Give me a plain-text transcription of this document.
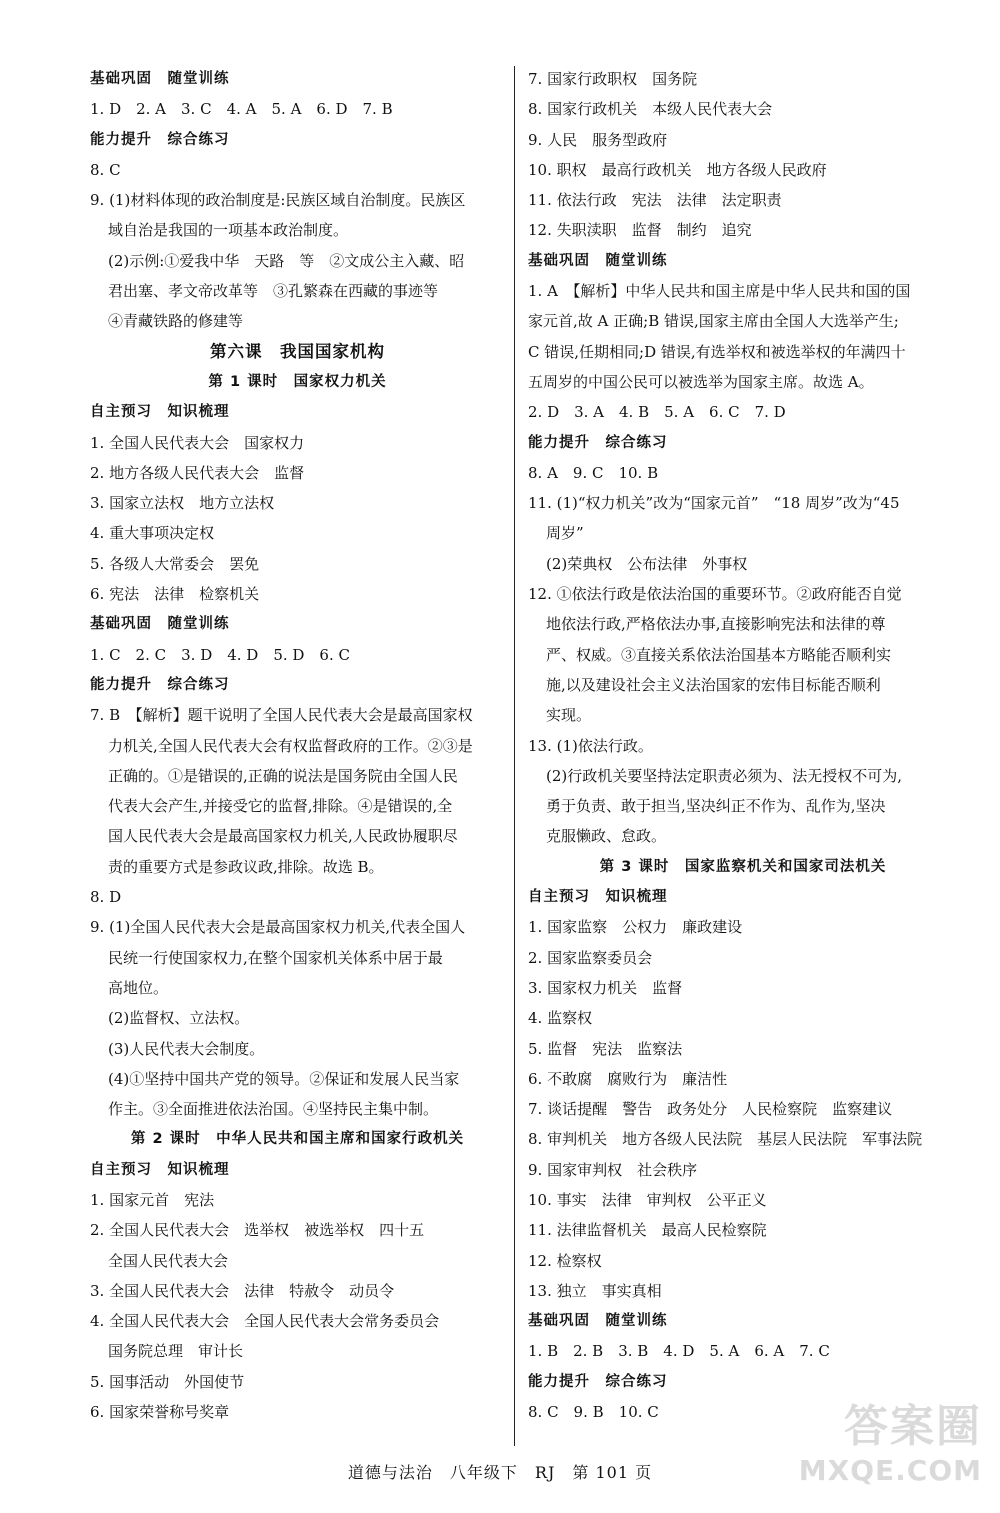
基础巩固　随堂训练
1. D　2. A　3. C　4. A　5. A　6. D　7. B
能力提升　综合练习
8. C
9. (1)材料体现的政治制度是:民族区域自治制度。民族区
域自治是我国的一项基本政治制度。
(2)示例:①爱我中华　天路　等　②文成公主入藏、昭
君出塞、孝文帝改革等　③孔繁森在西藏的事迹等
④青藏铁路的修建等
第六课　我国国家机构
第 1 课时　国家权力机关
自主预习　知识梳理
1. 全国人民代表大会　国家权力
2. 地方各级人民代表大会　监督
3. 国家立法权　地方立法权
4. 重大事项决定权
5. 各级人大常委会　罢免
6. 宪法　法律　检察机关
基础巩固　随堂训练
1. C　2. C　3. D　4. D　5. D　6. C
能力提升　综合练习
7. B　【解析】题干说明了全国人民代表大会是最高国家权
力机关,全国人民代表大会有权监督政府的工作。②③是
正确的。①是错误的,正确的说法是国务院由全国人民
代表大会产生,并接受它的监督,排除。④是错误的,全
国人民代表大会是最高国家权力机关,人民政协履职尽
责的重要方式是参政议政,排除。故选 B。
8. D
9. (1)全国人民代表大会是最高国家权力机关,代表全国人
民统一行使国家权力,在整个国家机关体系中居于最
高地位。
(2)监督权、立法权。
(3)人民代表大会制度。
(4)①坚持中国共产党的领导。②保证和发展人民当家
作主。③全面推进依法治国。④坚持民主集中制。
第 2 课时　中华人民共和国主席和国家行政机关
自主预习　知识梳理
1. 国家元首　宪法
2. 全国人民代表大会　选举权　被选举权　四十五
全国人民代表大会
3. 全国人民代表大会　法律　特赦令　动员令
4. 全国人民代表大会　全国人民代表大会常务委员会
国务院总理　审计长
5. 国事活动　外国使节
6. 国家荣誉称号奖章
7. 国家行政职权　国务院
8. 国家行政机关　本级人民代表大会
9. 人民　服务型政府
10. 职权　最高行政机关　地方各级人民政府
11. 依法行政　宪法　法律　法定职责
12. 失职渎职　监督　制约　追究
基础巩固　随堂训练
1. A　【解析】中华人民共和国主席是中华人民共和国的国
家元首,故 A 正确;B 错误,国家主席由全国人大选举产生;
C 错误,任期相同;D 错误,有选举权和被选举权的年满四十
五周岁的中国公民可以被选举为国家主席。故选 A。
2. D　3. A　4. B　5. A　6. C　7. D
能力提升　综合练习
8. A　9. C　10. B
11. (1)“权力机关”改为“国家元首”　“18 周岁”改为“45
周岁”
(2)荣典权　公布法律　外事权
12. ①依法行政是依法治国的重要环节。②政府能否自觉
地依法行政,严格依法办事,直接影响宪法和法律的尊
严、权威。③直接关系依法治国基本方略能否顺利实
施,以及建设社会主义法治国家的宏伟目标能否顺利
实现。
13. (1)依法行政。
(2)行政机关要坚持法定职责必须为、法无授权不可为,
勇于负责、敢于担当,坚决纠正不作为、乱作为,坚决
克服懒政、怠政。
第 3 课时　国家监察机关和国家司法机关
自主预习　知识梳理
1. 国家监察　公权力　廉政建设
2. 国家监察委员会
3. 国家权力机关　监督
4. 监察权
5. 监督　宪法　监察法
6. 不敢腐　腐败行为　廉洁性
7. 谈话提醒　警告　政务处分　人民检察院　监察建议
8. 审判机关　地方各级人民法院　基层人民法院　军事法院
9. 国家审判权　社会秩序
10. 事实　法律　审判权　公平正义
11. 法律监督机关　最高人民检察院
12. 检察权
13. 独立　事实真相
基础巩固　随堂训练
1. B　2. B　3. B　4. D　5. A　6. A　7. C
能力提升　综合练习
8. C　9. B　10. C
道德与法治　八年级下　RJ　第 101 页
答案圈
MXQE.COM
